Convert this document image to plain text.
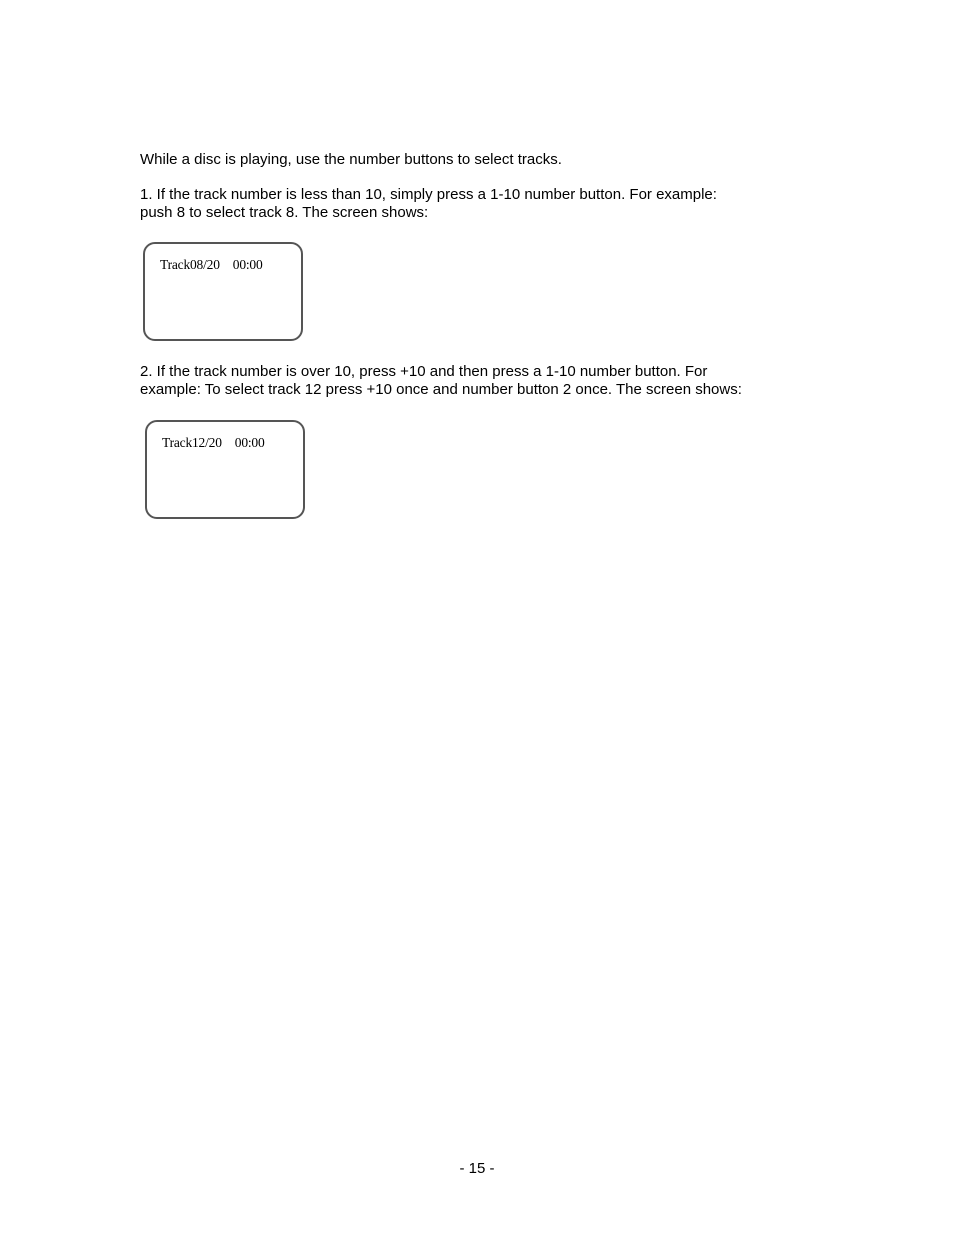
While a disc is playing, use the number buttons to select tracks.

1. If the track number is less than 10, simply press a 1-10 number button. For example:
push 8 to select track 8. The screen shows:

Track08/20 00:00

2. If the track number is over 10, press +10 and then press a 1-10 number button. For
example: To select track 12 press +10 once and number button 2 once. The screen shows:

Track12/20 00:00
- 15 -
